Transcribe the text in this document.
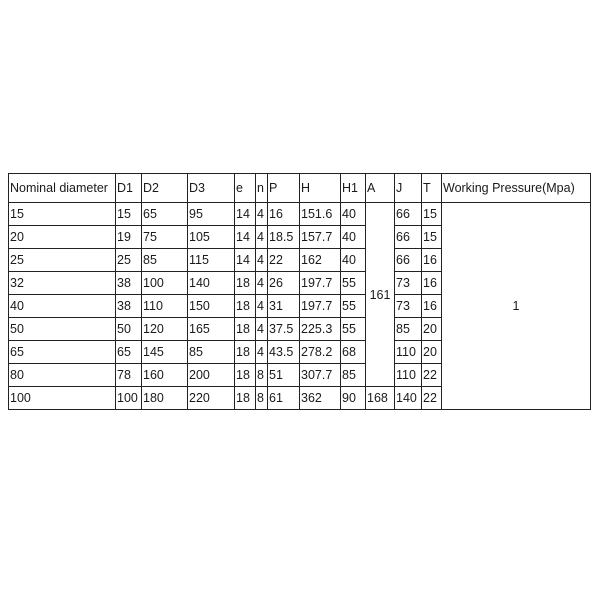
Nominal diameter	D1	D2	D3	e	n	P	H	H1	A	J	T	Working Pressure(Mpa)
15	15	65	95	14	4	16	151.6	40	161	66	15	1
20	19	75	105	14	4	18.5	157.7	40		66	15	
25	25	85	115	14	4	22	162	40		66	16	
32	38	100	140	18	4	26	197.7	55		73	16	
40	38	110	150	18	4	31	197.7	55		73	16	
50	50	120	165	18	4	37.5	225.3	55		85	20	
65	65	145	85	18	4	43.5	278.2	68		110	20	
80	78	160	200	18	8	51	307.7	85		110	22	
100	100	180	220	18	8	61	362	90	168	140	22	
